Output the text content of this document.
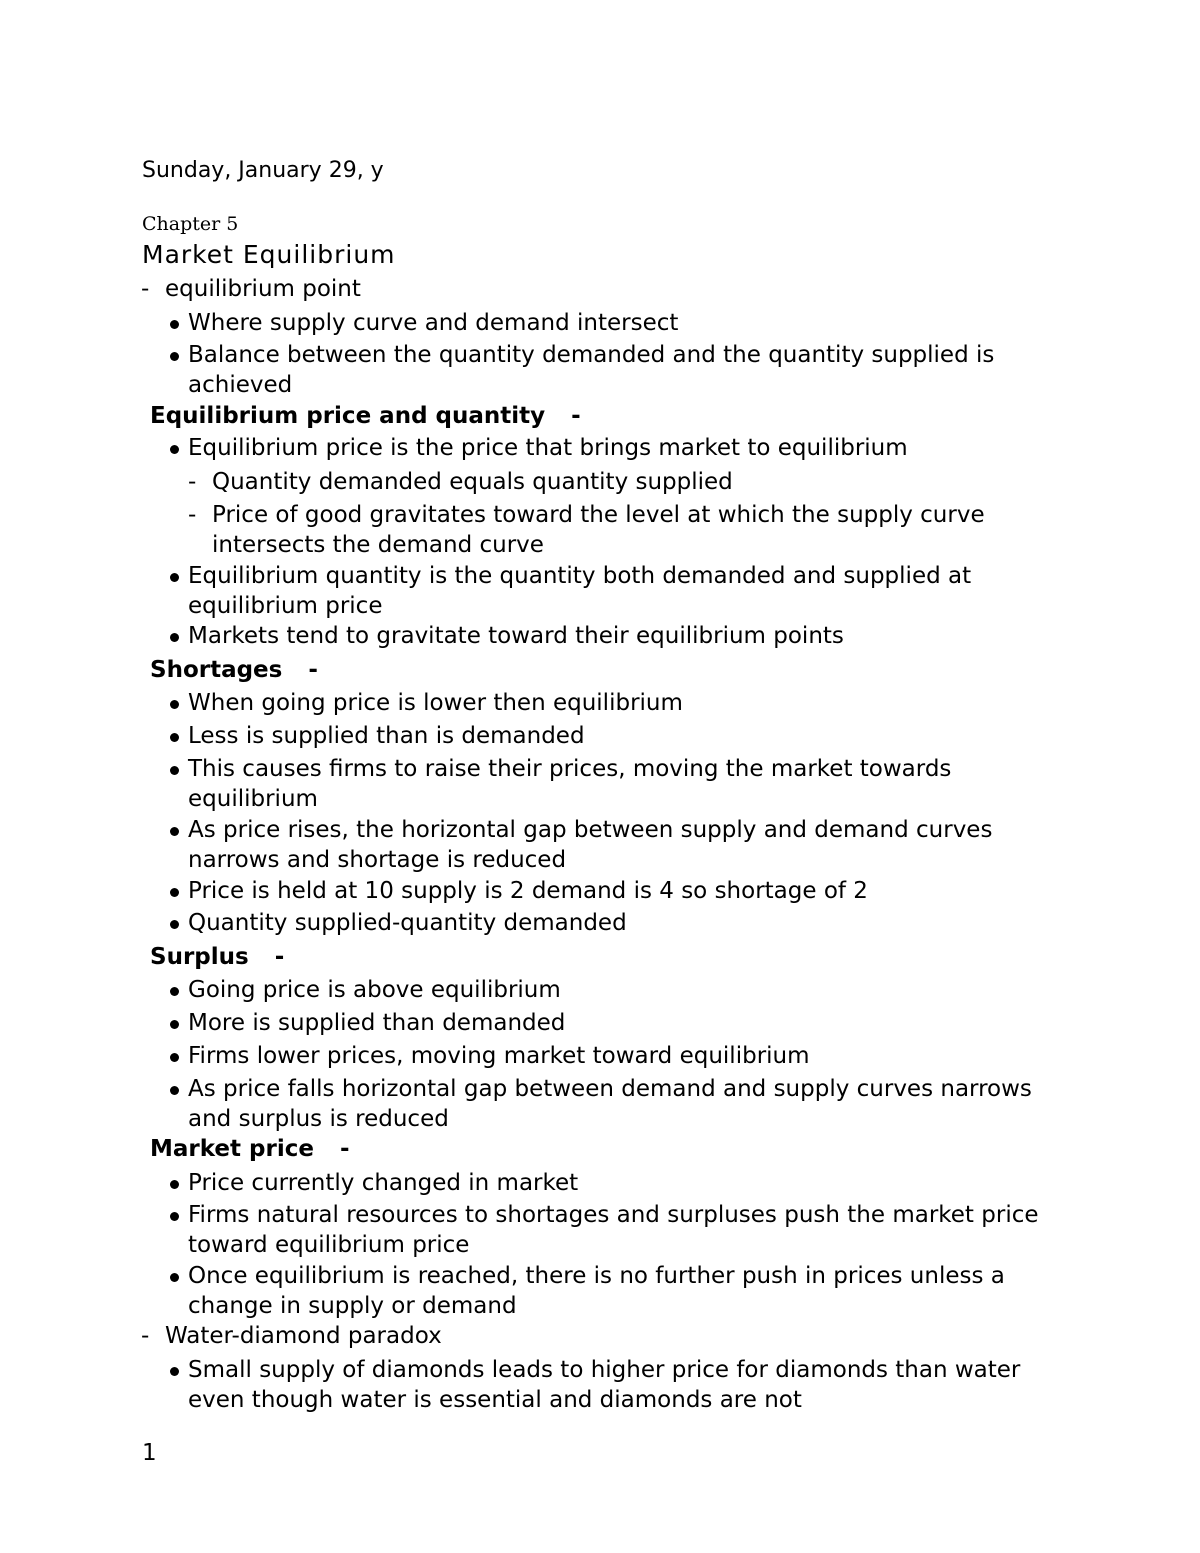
Sunday, January 29, y
Chapter 5
Market Equilibrium
- equilibrium point
Where supply curve and demand intersect
Balance between the quantity demanded and the quantity supplied is achieved
Equilibrium price and quantity -
Equilibrium price is the price that brings market to equilibrium
- Quantity demanded equals quantity supplied
- Price of good gravitates toward the level at which the supply curve intersects the demand curve
Equilibrium quantity is the quantity both demanded and supplied at equilibrium price
Markets tend to gravitate toward their equilibrium points
Shortages -
When going price is lower then equilibrium
Less is supplied than is demanded
This causes firms to raise their prices, moving the market towards equilibrium
As price rises, the horizontal gap between supply and demand curves narrows and shortage is reduced
Price is held at 10 supply is 2 demand is 4 so shortage of 2
Quantity supplied-quantity demanded
Surplus -
Going price is above equilibrium
More is supplied than demanded
Firms lower prices, moving market toward equilibrium
As price falls horizontal gap between demand and supply curves narrows and surplus is reduced
Market price -
Price currently changed in market
Firms natural resources to shortages and surpluses push the market price toward equilibrium price
Once equilibrium is reached, there is no further push in prices unless a change in supply or demand
- Water-diamond paradox
Small supply of diamonds leads to higher price for diamonds than water even though water is essential and diamonds are not
1
